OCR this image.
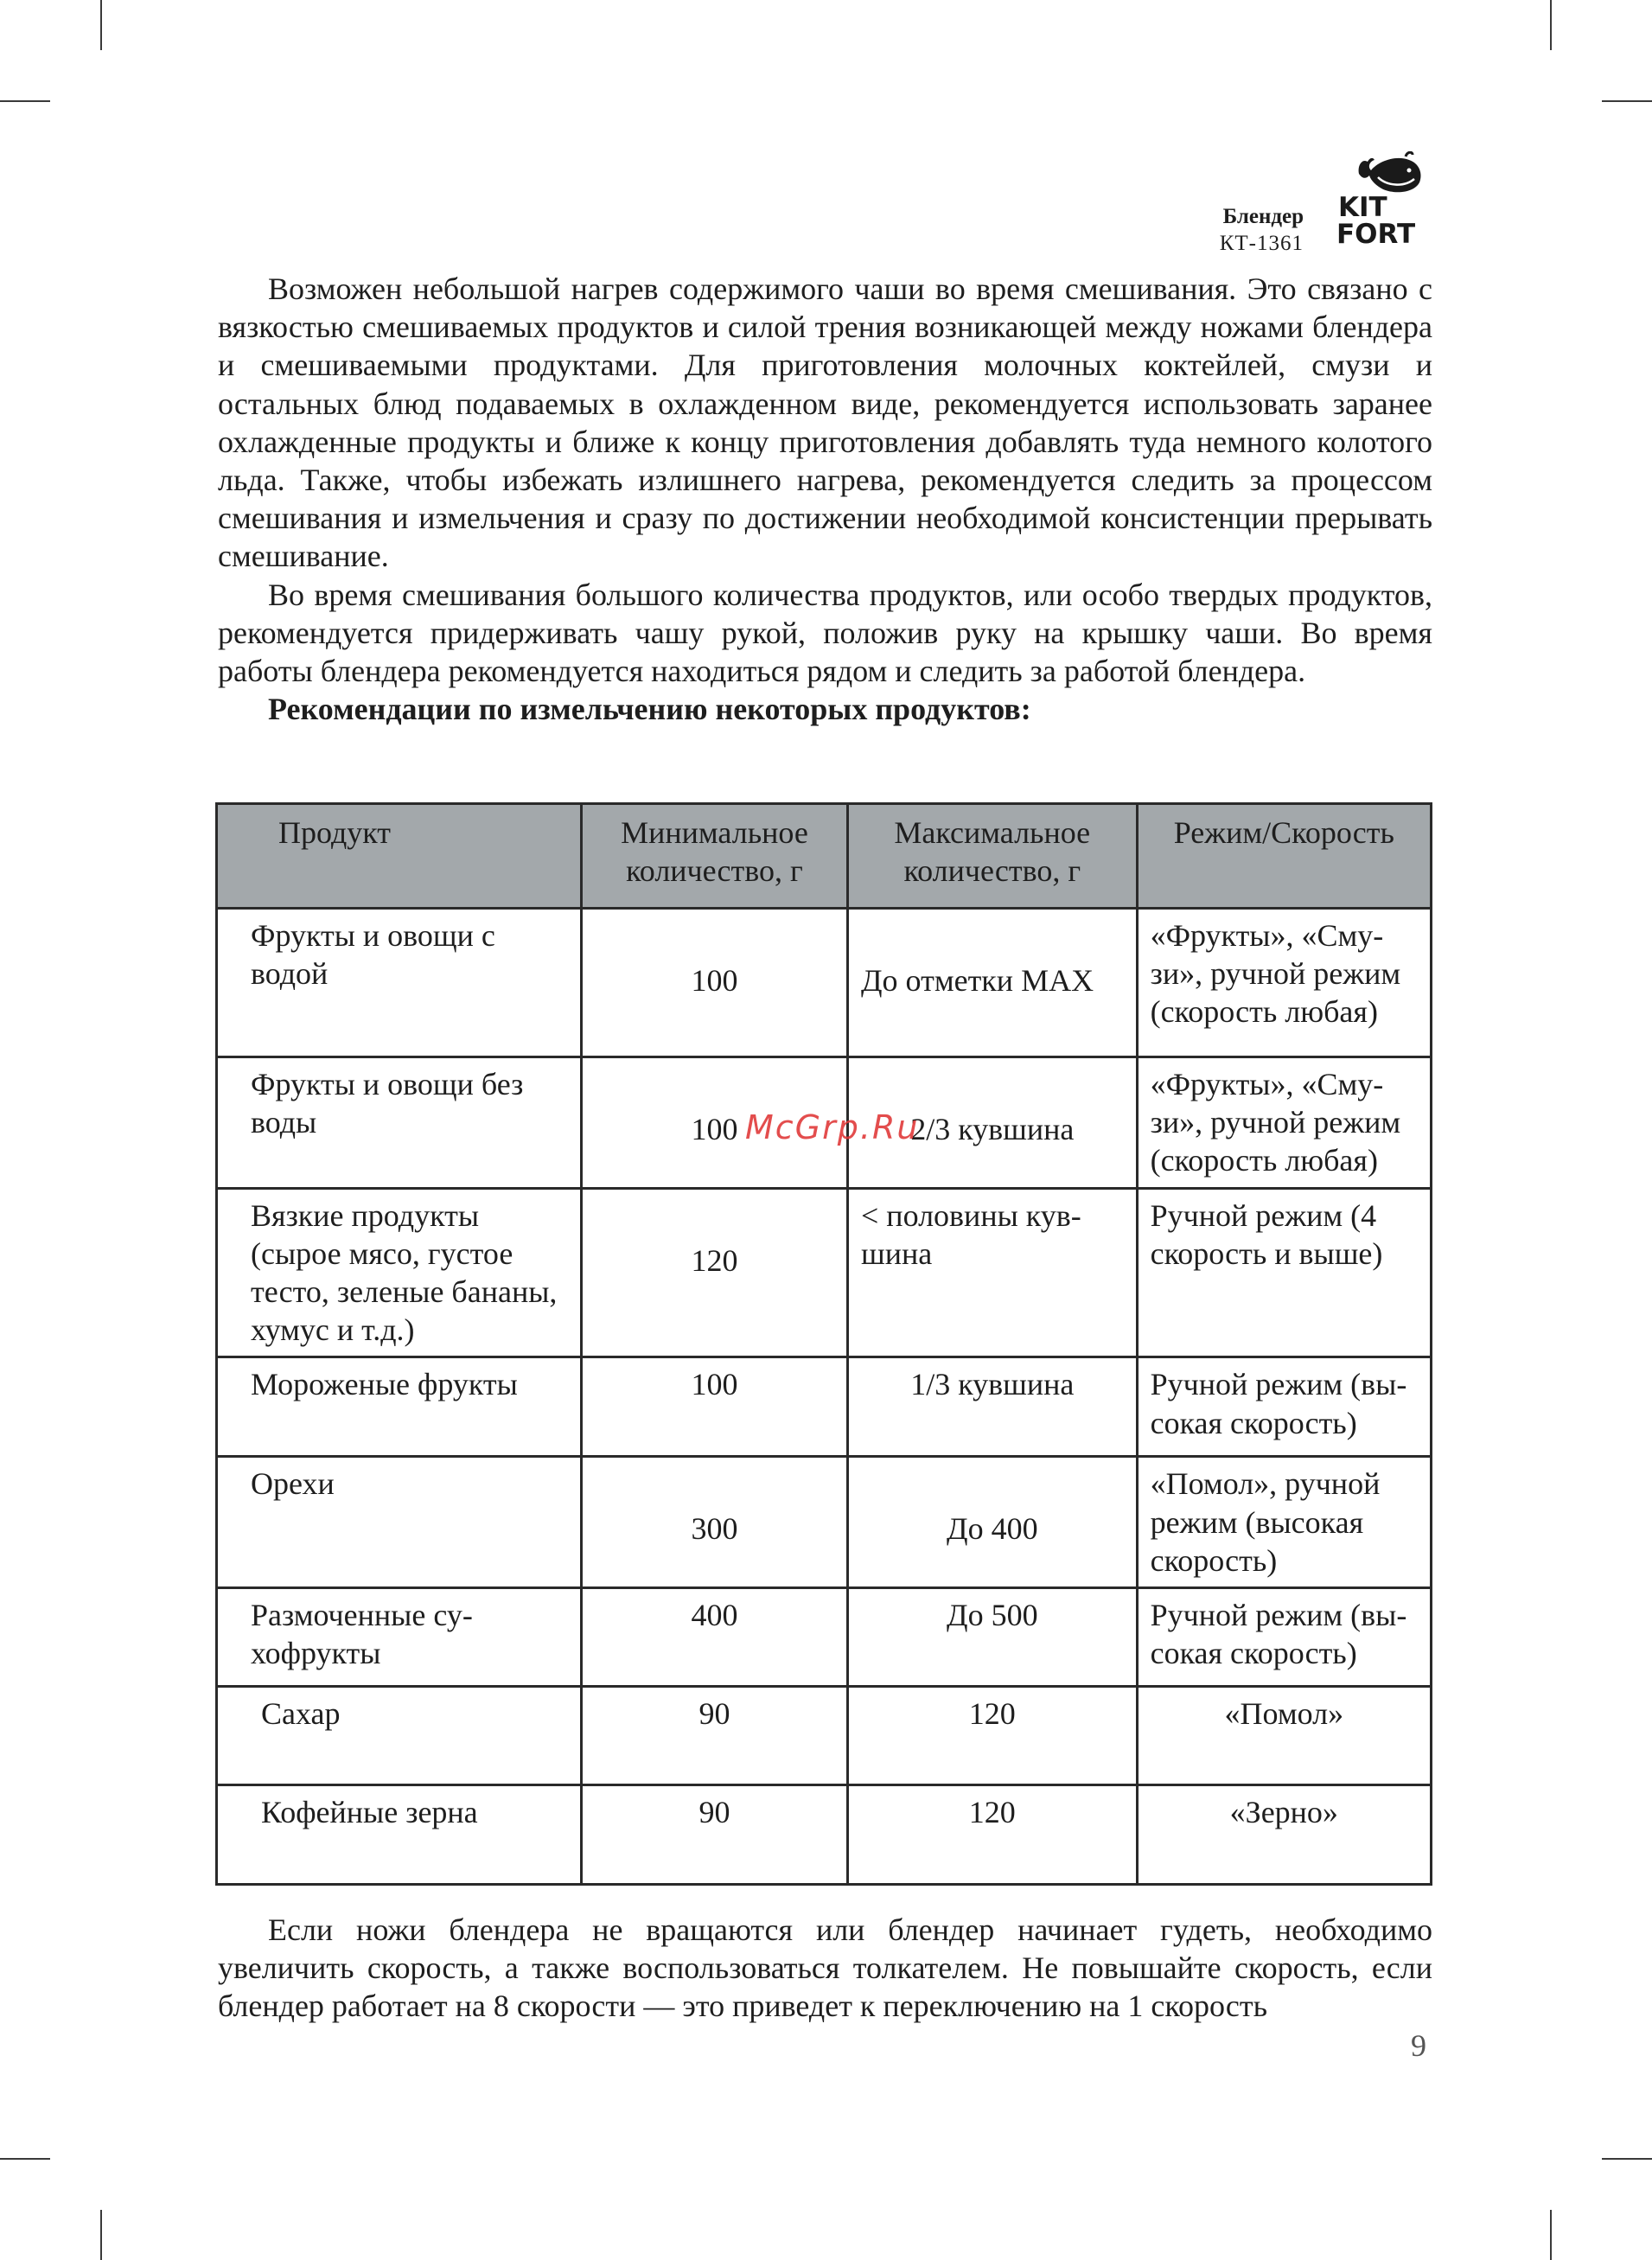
Блендер
КТ-1361
KIT
FORT

Возможен небольшой нагрев содержимого чаши во время смешивания. Это связано с вязкостью смешиваемых продуктов и силой трения возникающей между ножами блендера и смешиваемыми продуктами. Для приготовления молочных коктейлей, смузи и остальных блюд подаваемых в охлажденном виде, рекомендуется использовать заранее охлажденные продукты и ближе к концу приготовления добавлять туда немного колотого льда. Также, чтобы избежать излишнего нагрева, рекомендуется следить за процессом смешивания и измельчения и сразу по достижении необходимой консистенции прерывать смешивание.

Во время смешивания большого количества продуктов, или особо твердых продуктов, рекомендуется придерживать чашу рукой, положив руку на крышку чаши. Во время работы блендера рекомендуется находиться рядом и следить за работой блендера.

Рекомендации по измельчению некоторых продуктов:

Продукт	Минимальное количество, г	Максимальное количество, г	Режим/Скорость
Фрукты и овощи с водой	100	До отметки MAX	«Фрукты», «Смузи», ручной режим (скорость любая)
Фрукты и овощи без воды	100	2/3 кувшина	«Фрукты», «Смузи», ручной режим (скорость любая)
Вязкие продукты (сырое мясо, густое тесто, зеленые бананы, хумус и т.д.)	120	< половины кувшина	Ручной режим (4 скорость и выше)
Мороженые фрукты	100	1/3 кувшина	Ручной режим (высокая скорость)
Орехи	300	До 400	«Помол», ручной режим (высокая скорость)
Размоченные сухофрукты	400	До 500	Ручной режим (высокая скорость)
Сахар	90	120	«Помол»
Кофейные зерна	90	120	«Зерно»
McGrp.Ru

Если ножи блендера не вращаются или блендер начинает гудеть, необходимо увеличить скорость, а также воспользоваться толкателем. Не повышайте скорость, если блендер работает на 8 скорости — это приведет к переключению на 1 скорость

9
